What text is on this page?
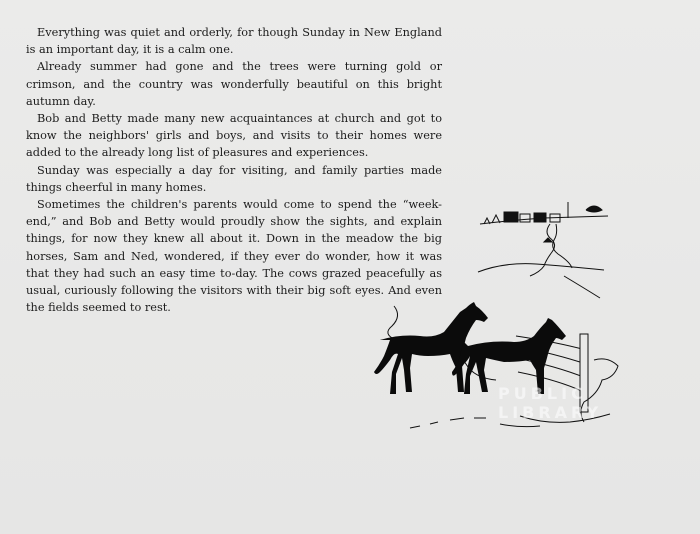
Everything was quiet and orderly, for though Sunday in New England is an important day, it is a calm one.

Already summer had gone and the trees were turning gold or crimson, and the country was wonderfully beautiful on this bright autumn day.

Bob and Betty made many new acquaintances at church and got to know the neighbors' girls and boys, and visits to their homes were added to the already long list of pleasures and experiences.

Sunday was especially a day for visiting, and family parties made things cheerful in many homes.

Sometimes the children's parents would come to spend the “week-end,” and Bob and Betty would proudly show the sights, and explain things, for now they knew all about it. Down in the meadow the big horses, Sam and Ned, wondered, if they ever do wonder, how it was that they had such an easy time to-day. The cows grazed peacefully as usual, curiously following the visitors with their big soft eyes. And even the fields seemed to rest.

PUBLIC LIBRARY
